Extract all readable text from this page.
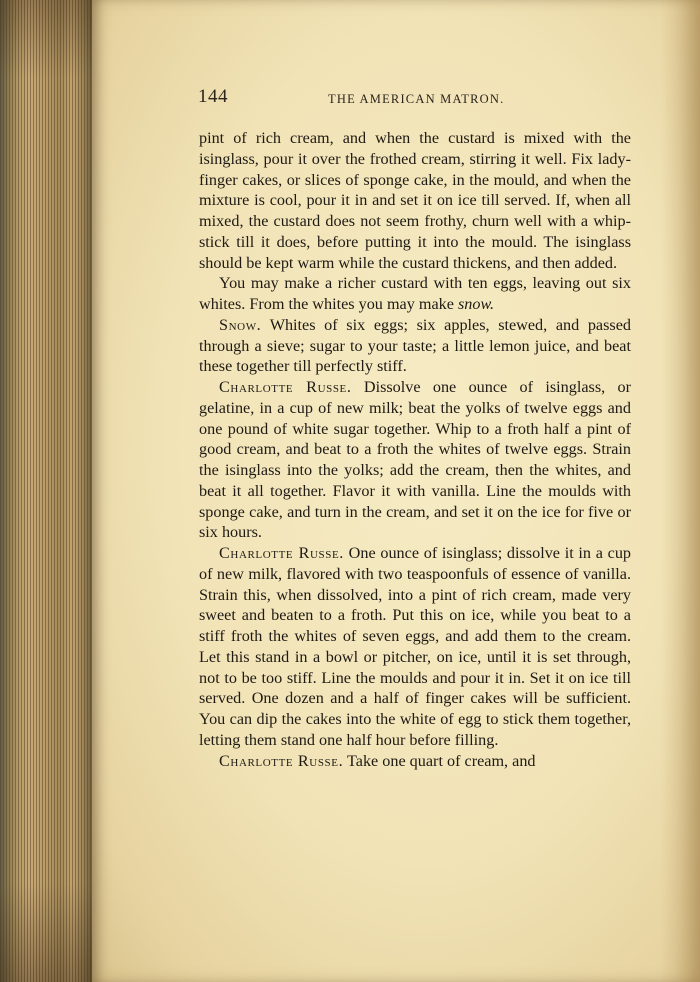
144	THE AMERICAN MATRON.

pint of rich cream, and when the custard is mixed with the isinglass, pour it over the frothed cream, stirring it well. Fix lady-finger cakes, or slices of sponge cake, in the mould, and when the mixture is cool, pour it in and set it on ice till served. If, when all mixed, the custard does not seem frothy, churn well with a whip-stick till it does, before putting it into the mould. The isinglass should be kept warm while the custard thickens, and then added.

You may make a richer custard with ten eggs, leaving out six whites. From the whites you may make snow.

Snow. Whites of six eggs; six apples, stewed, and passed through a sieve; sugar to your taste; a little lemon juice, and beat these together till perfectly stiff.

Charlotte Russe. Dissolve one ounce of isinglass, or gelatine, in a cup of new milk; beat the yolks of twelve eggs and one pound of white sugar together. Whip to a froth half a pint of good cream, and beat to a froth the whites of twelve eggs. Strain the isinglass into the yolks; add the cream, then the whites, and beat it all together. Flavor it with vanilla. Line the moulds with sponge cake, and turn in the cream, and set it on the ice for five or six hours.

Charlotte Russe. One ounce of isinglass; dissolve it in a cup of new milk, flavored with two teaspoonfuls of essence of vanilla. Strain this, when dissolved, into a pint of rich cream, made very sweet and beaten to a froth. Put this on ice, while you beat to a stiff froth the whites of seven eggs, and add them to the cream. Let this stand in a bowl or pitcher, on ice, until it is set through, not to be too stiff. Line the moulds and pour it in. Set it on ice till served. One dozen and a half of finger cakes will be sufficient. You can dip the cakes into the white of egg to stick them together, letting them stand one half hour before filling.

Charlotte Russe. Take one quart of cream, and
